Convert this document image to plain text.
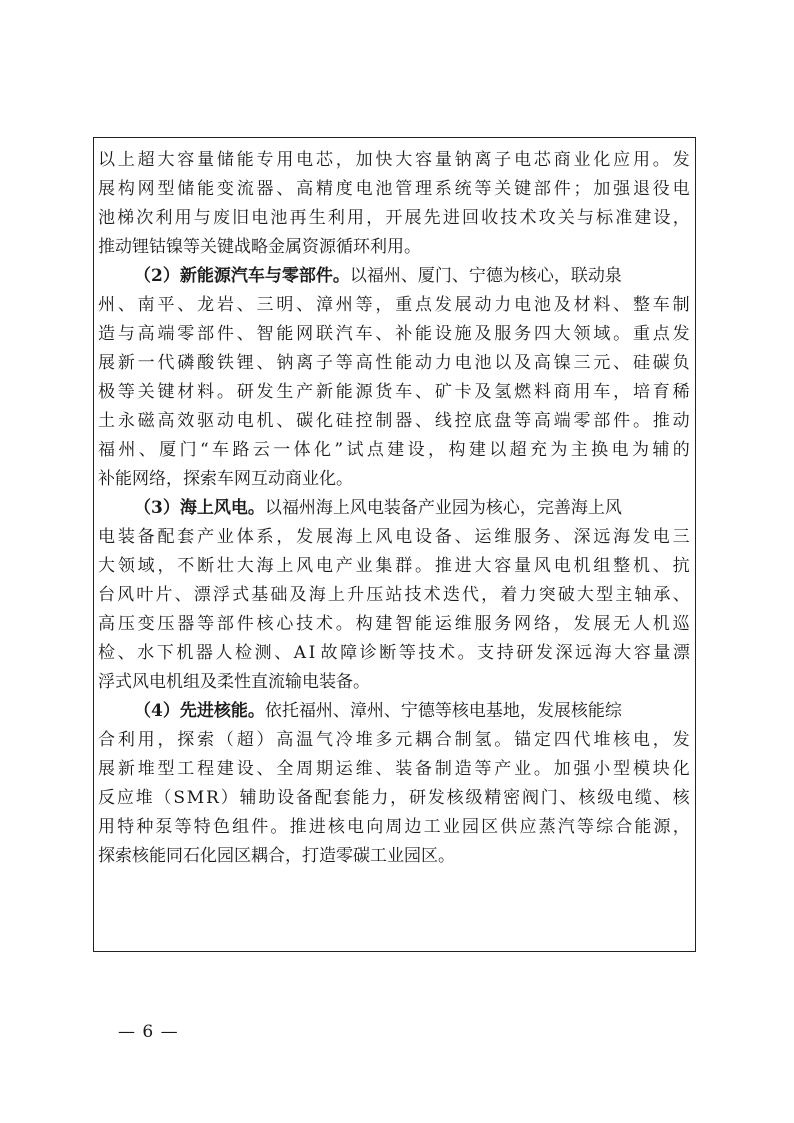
以 上 超 大 容 量 储 能 专 用 电 芯 ， 加 快 大 容 量 钠 离 子 电 芯 商 业 化 应 用 。 发
展 构 网 型 储 能 变 流 器 、 高 精 度 电 池 管 理 系 统 等 关 键 部 件 ； 加 强 退 役 电
池 梯 次 利 用 与 废 旧 电 池 再 生 利 用 ， 开 展 先 进 回 收 技 术 攻 关 与 标 准 建 设 ，
推动锂钴镍等关键战略金属资源循环利用。
（2）新能源汽车与零部件。以福州、厦门、宁德为核心，联动泉
州 、 南 平 、 龙 岩 、 三 明 、 漳 州 等 ， 重 点 发 展 动 力 电 池 及 材 料 、 整 车 制
造 与 高 端 零 部 件 、 智 能 网 联 汽 车 、 补 能 设 施 及 服 务 四 大 领 域 。 重 点 发
展 新 一 代 磷 酸 铁 锂 、 钠 离 子 等 高 性 能 动 力 电 池 以 及 高 镍 三 元 、 硅 碳 负
极 等 关 键 材 料 。 研 发 生 产 新 能 源 货 车 、 矿 卡 及 氢 燃 料 商 用 车 ， 培 育 稀
土 永 磁 高 效 驱 动 电 机 、 碳 化 硅 控 制 器 、 线 控 底 盘 等 高 端 零 部 件 。 推 动
福 州 、 厦 门 “ 车 路 云 一 体 化 ” 试 点 建 设 ， 构 建 以 超 充 为 主 换 电 为 辅 的
补能网络，探索车网互动商业化。
（3）海上风电。以福州海上风电装备产业园为核心，完善海上风
电 装 备 配 套 产 业 体 系 ， 发 展 海 上 风 电 设 备 、 运 维 服 务 、 深 远 海 发 电 三
大 领 域 ， 不 断 壮 大 海 上 风 电 产 业 集 群 。 推 进 大 容 量 风 电 机 组 整 机 、 抗
台 风 叶 片 、 漂 浮 式 基 础 及 海 上 升 压 站 技 术 迭 代 ， 着 力 突 破 大 型 主 轴 承 、
高 压 变 压 器 等 部 件 核 心 技 术 。 构 建 智 能 运 维 服 务 网 络 ， 发 展 无 人 机 巡
检 、 水 下 机 器 人 检 测 、 A I 故 障 诊 断 等 技 术 。 支 持 研 发 深 远 海 大 容 量 漂
浮式风电机组及柔性直流输电装备。
（4）先进核能。依托福州、漳州、宁德等核电基地，发展核能综
合 利 用 ， 探 索 （ 超 ） 高 温 气 冷 堆 多 元 耦 合 制 氢 。 锚 定 四 代 堆 核 电 ， 发
展 新 堆 型 工 程 建 设 、 全 周 期 运 维 、 装 备 制 造 等 产 业 。 加 强 小 型 模 块 化
反 应 堆 （ S M R ） 辅 助 设 备 配 套 能 力 ， 研 发 核 级 精 密 阀 门 、 核 级 电 缆 、 核
用 特 种 泵 等 特 色 组 件 。 推 进 核 电 向 周 边 工 业 园 区 供 应 蒸 汽 等 综 合 能 源 ，
探索核能同石化园区耦合，打造零碳工业园区。
— 6 —
